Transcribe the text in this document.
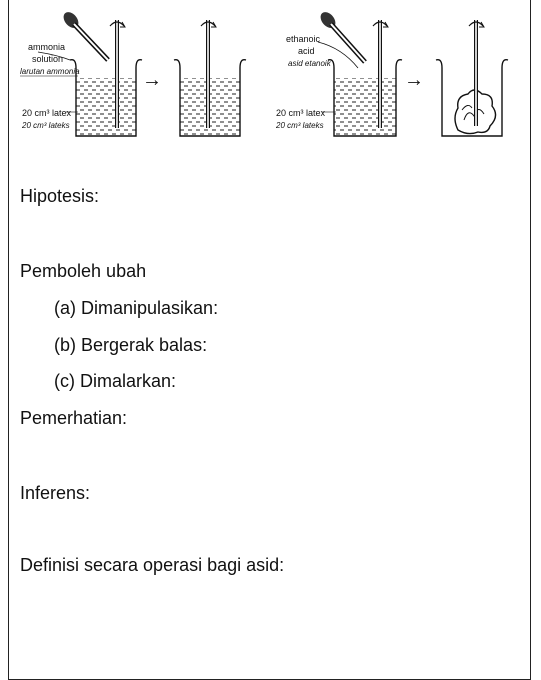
ammonia
solution
larutan ammonia
20 cm³ latex
20 cm³ lateks
→
ethanoic
acid
asid etanoik
20 cm³ latex
20 cm³ lateks
→
Hipotesis:
Pemboleh ubah
(a) Dimanipulasikan:
(b) Bergerak balas:
(c) Dimalarkan:
Pemerhatian:
Inferens:
Definisi secara operasi bagi asid:
